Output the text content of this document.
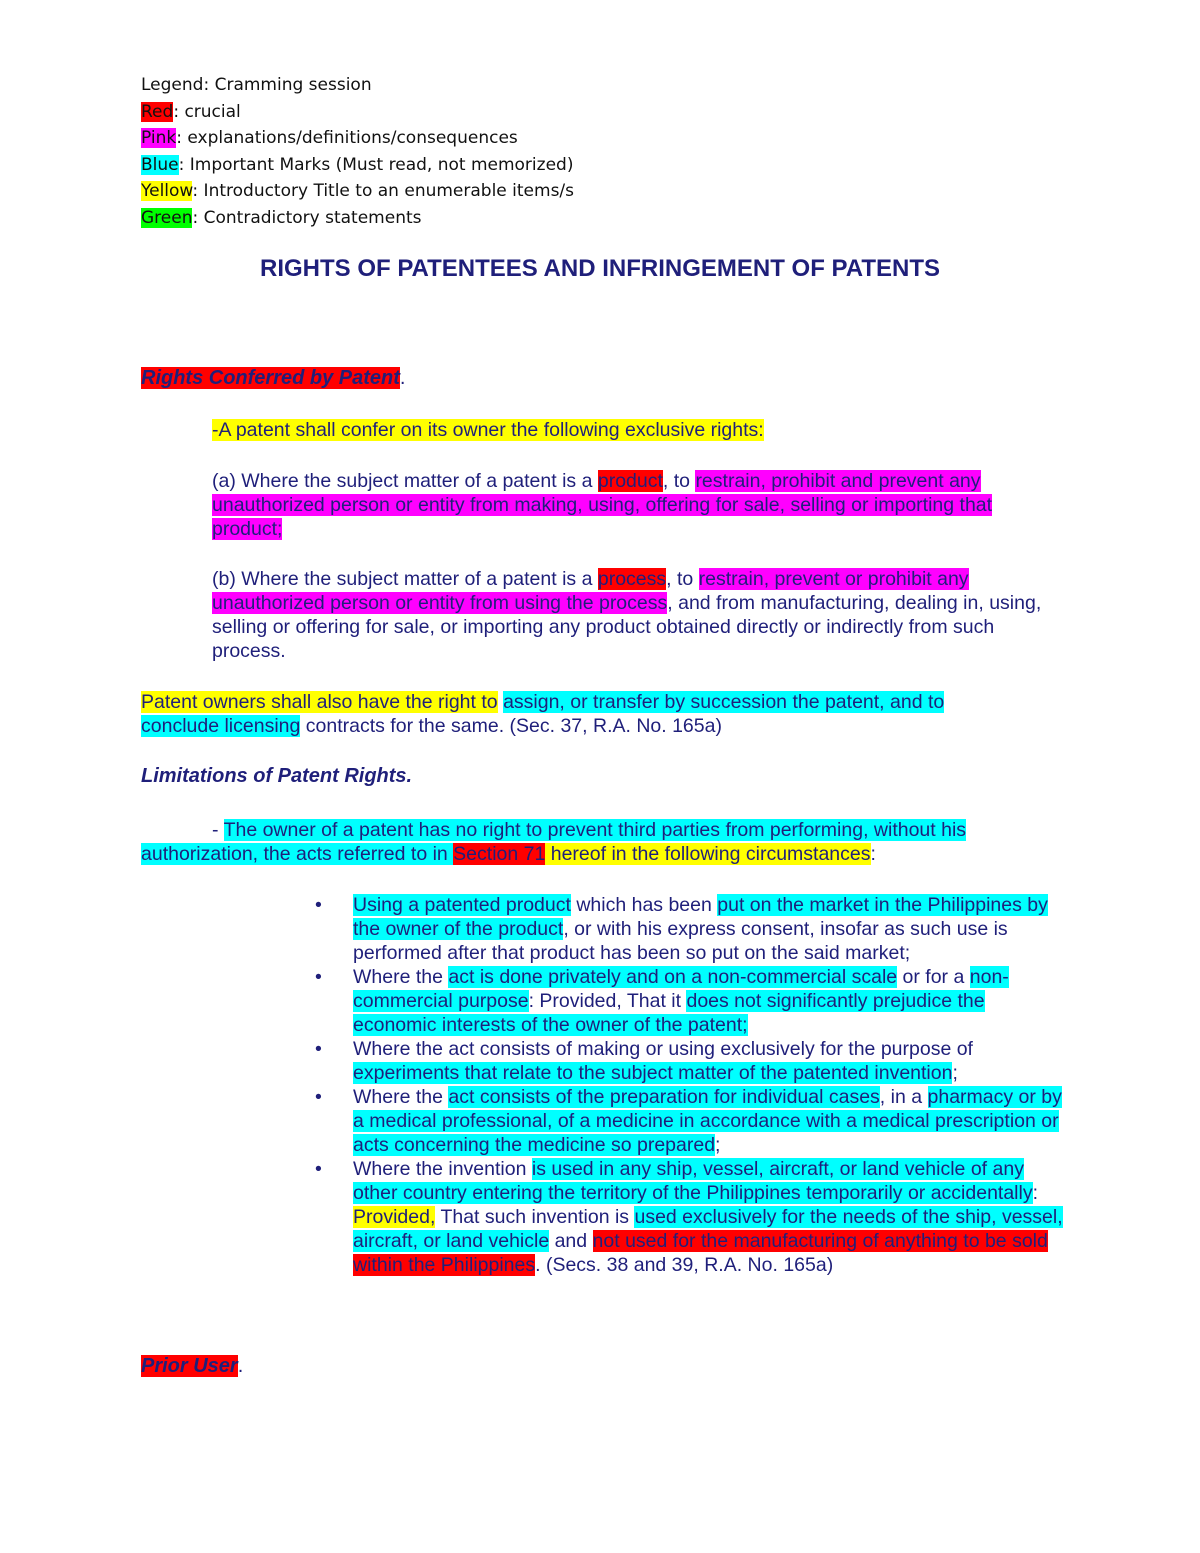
Legend: Cramming session
Red: crucial
Pink: explanations/definitions/consequences
Blue: Important Marks (Must read, not memorized)
Yellow: Introductory Title to an enumerable items/s
Green: Contradictory statements
RIGHTS OF PATENTEES AND INFRINGEMENT OF PATENTS
Rights Conferred by Patent.
-A patent shall confer on its owner the following exclusive rights:
(a) Where the subject matter of a patent is a product, to restrain, prohibit and prevent any unauthorized person or entity from making, using, offering for sale, selling or importing that product;
(b) Where the subject matter of a patent is a process, to restrain, prevent or prohibit any unauthorized person or entity from using the process, and from manufacturing, dealing in, using, selling or offering for sale, or importing any product obtained directly or indirectly from such process.
Patent owners shall also have the right to assign, or transfer by succession the patent, and to conclude licensing contracts for the same. (Sec. 37, R.A. No. 165a)
Limitations of Patent Rights.
- The owner of a patent has no right to prevent third parties from performing, without his authorization, the acts referred to in Section 71 hereof in the following circumstances:
• Using a patented product which has been put on the market in the Philippines by the owner of the product, or with his express consent, insofar as such use is performed after that product has been so put on the said market;
• Where the act is done privately and on a non-commercial scale or for a non-commercial purpose: Provided, That it does not significantly prejudice the economic interests of the owner of the patent;
• Where the act consists of making or using exclusively for the purpose of experiments that relate to the subject matter of the patented invention;
• Where the act consists of the preparation for individual cases, in a pharmacy or by a medical professional, of a medicine in accordance with a medical prescription or acts concerning the medicine so prepared;
• Where the invention is used in any ship, vessel, aircraft, or land vehicle of any other country entering the territory of the Philippines temporarily or accidentally: Provided, That such invention is used exclusively for the needs of the ship, vessel, aircraft, or land vehicle and not used for the manufacturing of anything to be sold within the Philippines. (Secs. 38 and 39, R.A. No. 165a)
Prior User.
